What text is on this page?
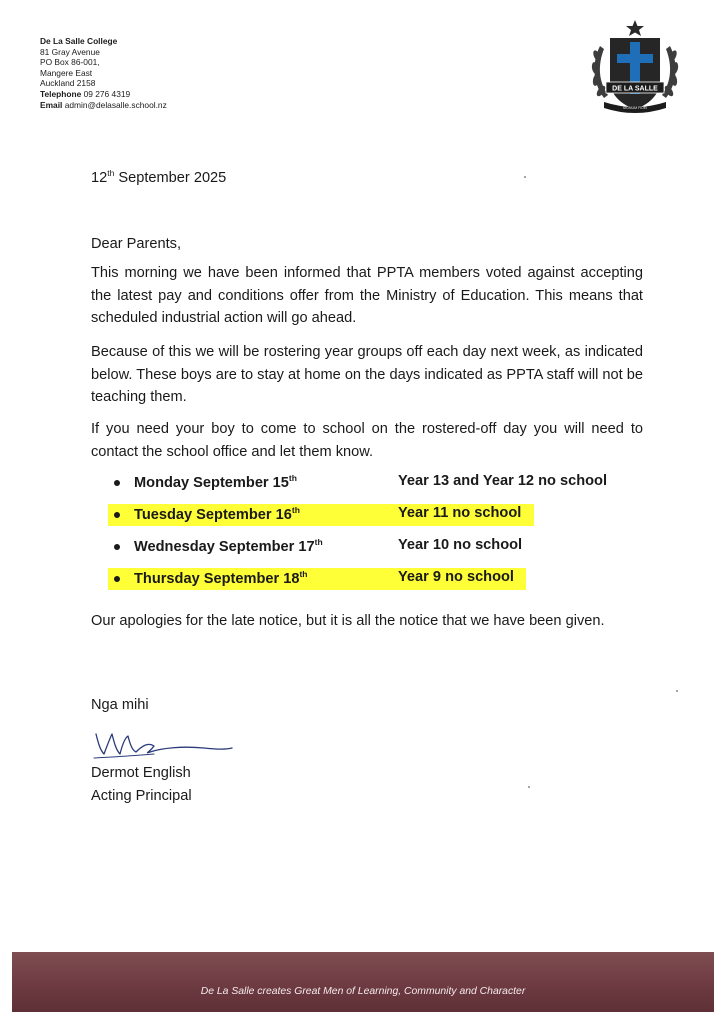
De La Salle College
81 Gray Avenue
PO Box 86-001,
Mangere East
Auckland 2158
Telephone 09 276 4319
Email admin@delasalle.school.nz
DE LA SALLE
SIGNUM FIDEI
12th September 2025
Dear Parents,
This morning we have been informed that PPTA members voted against accepting the latest pay and conditions offer from the Ministry of Education. This means that scheduled industrial action will go ahead.
Because of this we will be rostering year groups off each day next week, as indicated below. These boys are to stay at home on the days indicated as PPTA staff will not be teaching them.
If you need your boy to come to school on the rostered-off day you will need to contact the school office and let them know.
Monday September 15th	Year 13 and Year 12 no school
Tuesday September 16th	Year 11 no school
Wednesday September 17th	Year 10 no school
Thursday September 18th	Year 9 no school
Our apologies for the late notice, but it is all the notice that we have been given.
Nga mihi
Dermot English
Acting Principal
De La Salle creates Great Men of Learning, Community and Character
